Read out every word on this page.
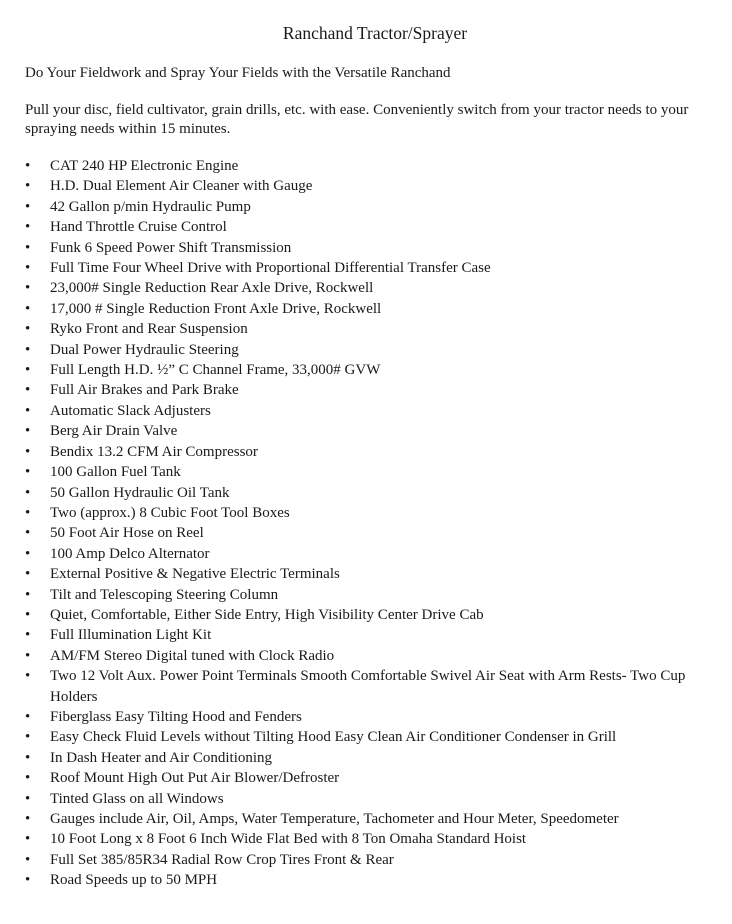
Ranchand Tractor/Sprayer
Do Your Fieldwork and Spray Your Fields with the Versatile Ranchand
Pull your disc, field cultivator, grain drills, etc. with ease. Conveniently switch from your tractor needs to your spraying needs within 15 minutes.
• CAT 240 HP Electronic Engine
• H.D. Dual Element Air Cleaner with Gauge
• 42 Gallon p/min Hydraulic Pump
• Hand Throttle Cruise Control
• Funk 6 Speed Power Shift Transmission
• Full Time Four Wheel Drive with Proportional Differential Transfer Case
• 23,000# Single Reduction Rear Axle Drive, Rockwell
• 17,000 # Single Reduction Front Axle Drive, Rockwell
• Ryko Front and Rear Suspension
• Dual Power Hydraulic Steering
• Full Length H.D. ½” C Channel Frame, 33,000# GVW
• Full Air Brakes and Park Brake
• Automatic Slack Adjusters
• Berg Air Drain Valve
• Bendix 13.2 CFM Air Compressor
• 100 Gallon Fuel Tank
• 50 Gallon Hydraulic Oil Tank
• Two (approx.) 8 Cubic Foot Tool Boxes
• 50 Foot Air Hose on Reel
• 100 Amp Delco Alternator
• External Positive & Negative Electric Terminals
• Tilt and Telescoping Steering Column
• Quiet, Comfortable, Either Side Entry, High Visibility Center Drive Cab
• Full Illumination Light Kit
• AM/FM Stereo Digital tuned with Clock Radio
• Two 12 Volt Aux. Power Point Terminals Smooth Comfortable Swivel Air Seat with Arm Rests- Two Cup Holders
• Fiberglass Easy Tilting Hood and Fenders
• Easy Check Fluid Levels without Tilting Hood Easy Clean Air Conditioner Condenser in Grill
• In Dash Heater and Air Conditioning
• Roof Mount High Out Put Air Blower/Defroster
• Tinted Glass on all Windows
• Gauges include Air, Oil, Amps, Water Temperature, Tachometer and Hour Meter, Speedometer
• 10 Foot Long x 8 Foot 6 Inch Wide Flat Bed with 8 Ton Omaha Standard Hoist
• Full Set 385/85R34 Radial Row Crop Tires Front & Rear
• Road Speeds up to 50 MPH
